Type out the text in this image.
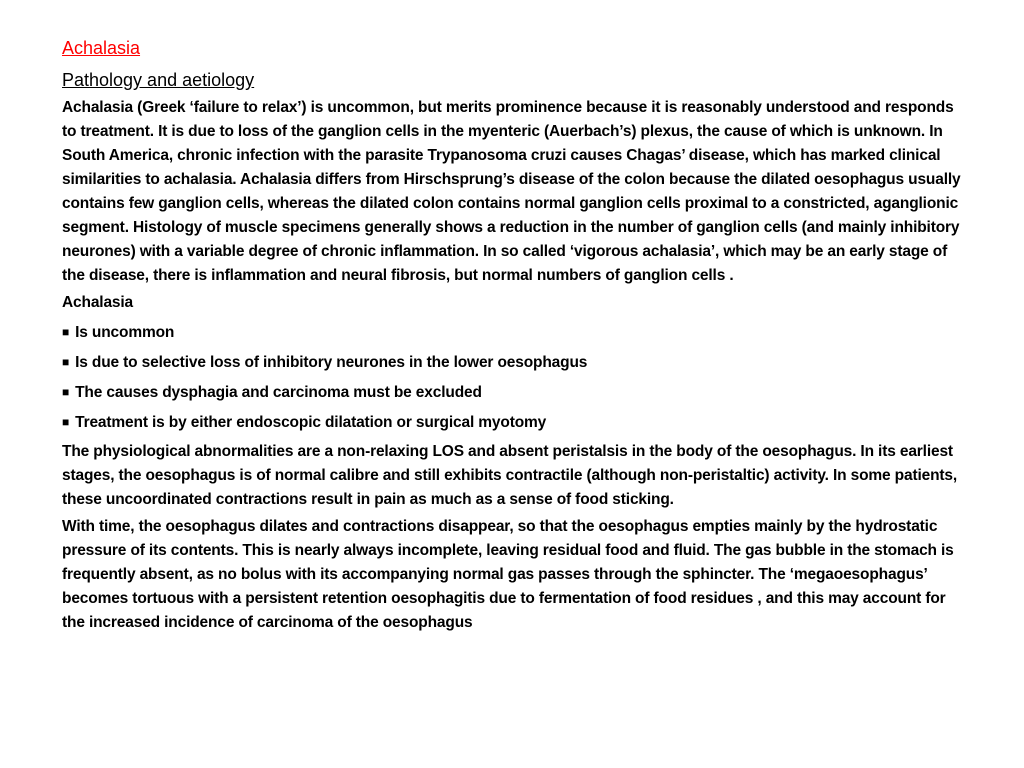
Achalasia
Pathology and aetiology

Achalasia (Greek ‘failure to relax’) is uncommon, but merits prominence because it is reasonably understood and responds to treatment. It is due to loss of the ganglion cells in the myenteric (Auerbach’s) plexus, the cause of which is unknown. In South America, chronic infection with the parasite Trypanosoma cruzi causes Chagas’ disease, which has marked clinical similarities to achalasia. Achalasia differs from Hirschsprung’s disease of the colon because the dilated oesophagus usually contains few ganglion cells, whereas the dilated colon contains normal ganglion cells proximal to a constricted, aganglionic segment. Histology of muscle specimens generally shows a reduction in the number of ganglion cells (and mainly inhibitory neurones) with a variable degree of chronic inflammation. In so called ‘vigorous achalasia’, which may be an early stage of the disease, there is inflammation and neural fibrosis, but normal numbers of ganglion cells .

Achalasia
■ Is uncommon
■ Is due to selective loss of inhibitory neurones in the lower oesophagus
■ The causes dysphagia and carcinoma must be excluded
■ Treatment is by either endoscopic dilatation or surgical myotomy

The physiological abnormalities are a non-relaxing LOS and absent peristalsis in the body of the oesophagus. In its earliest stages, the oesophagus is of normal calibre and still exhibits contractile (although non-peristaltic) activity. In some patients, these uncoordinated contractions result in pain as much as a sense of food sticking.

With time, the oesophagus dilates and contractions disappear, so that the oesophagus empties mainly by the hydrostatic pressure of its contents. This is nearly always incomplete, leaving residual food and fluid. The gas bubble in the stomach is frequently absent, as no bolus with its accompanying normal gas passes through the sphincter. The ‘megaoesophagus’ becomes tortuous with a persistent retention oesophagitis due to fermentation of food residues , and this may account for the increased incidence of carcinoma of the oesophagus
